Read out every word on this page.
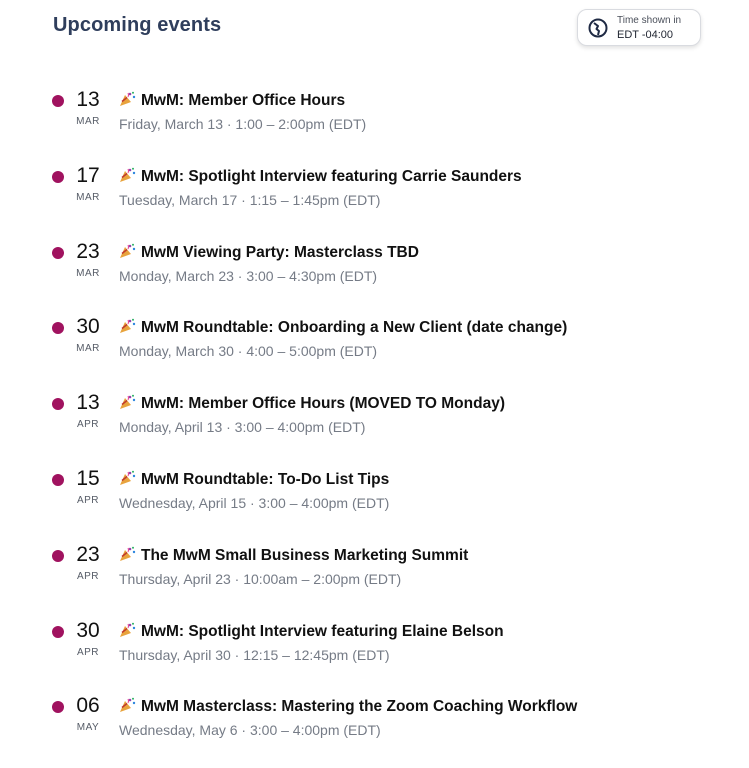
Upcoming events	Time shown in
EDT -04:00
13
MAR
MwM: Member Office Hours
Friday, March 13 · 1:00 – 2:00pm (EDT)
17
MAR
MwM: Spotlight Interview featuring Carrie Saunders
Tuesday, March 17 · 1:15 – 1:45pm (EDT)
23
MAR
MwM Viewing Party: Masterclass TBD
Monday, March 23 · 3:00 – 4:30pm (EDT)
30
MAR
MwM Roundtable: Onboarding a New Client (date change)
Monday, March 30 · 4:00 – 5:00pm (EDT)
13
APR
MwM: Member Office Hours (MOVED TO Monday)
Monday, April 13 · 3:00 – 4:00pm (EDT)
15
APR
MwM Roundtable: To-Do List Tips
Wednesday, April 15 · 3:00 – 4:00pm (EDT)
23
APR
The MwM Small Business Marketing Summit
Thursday, April 23 · 10:00am – 2:00pm (EDT)
30
APR
MwM: Spotlight Interview featuring Elaine Belson
Thursday, April 30 · 12:15 – 12:45pm (EDT)
06
MAY
MwM Masterclass: Mastering the Zoom Coaching Workflow
Wednesday, May 6 · 3:00 – 4:00pm (EDT)
